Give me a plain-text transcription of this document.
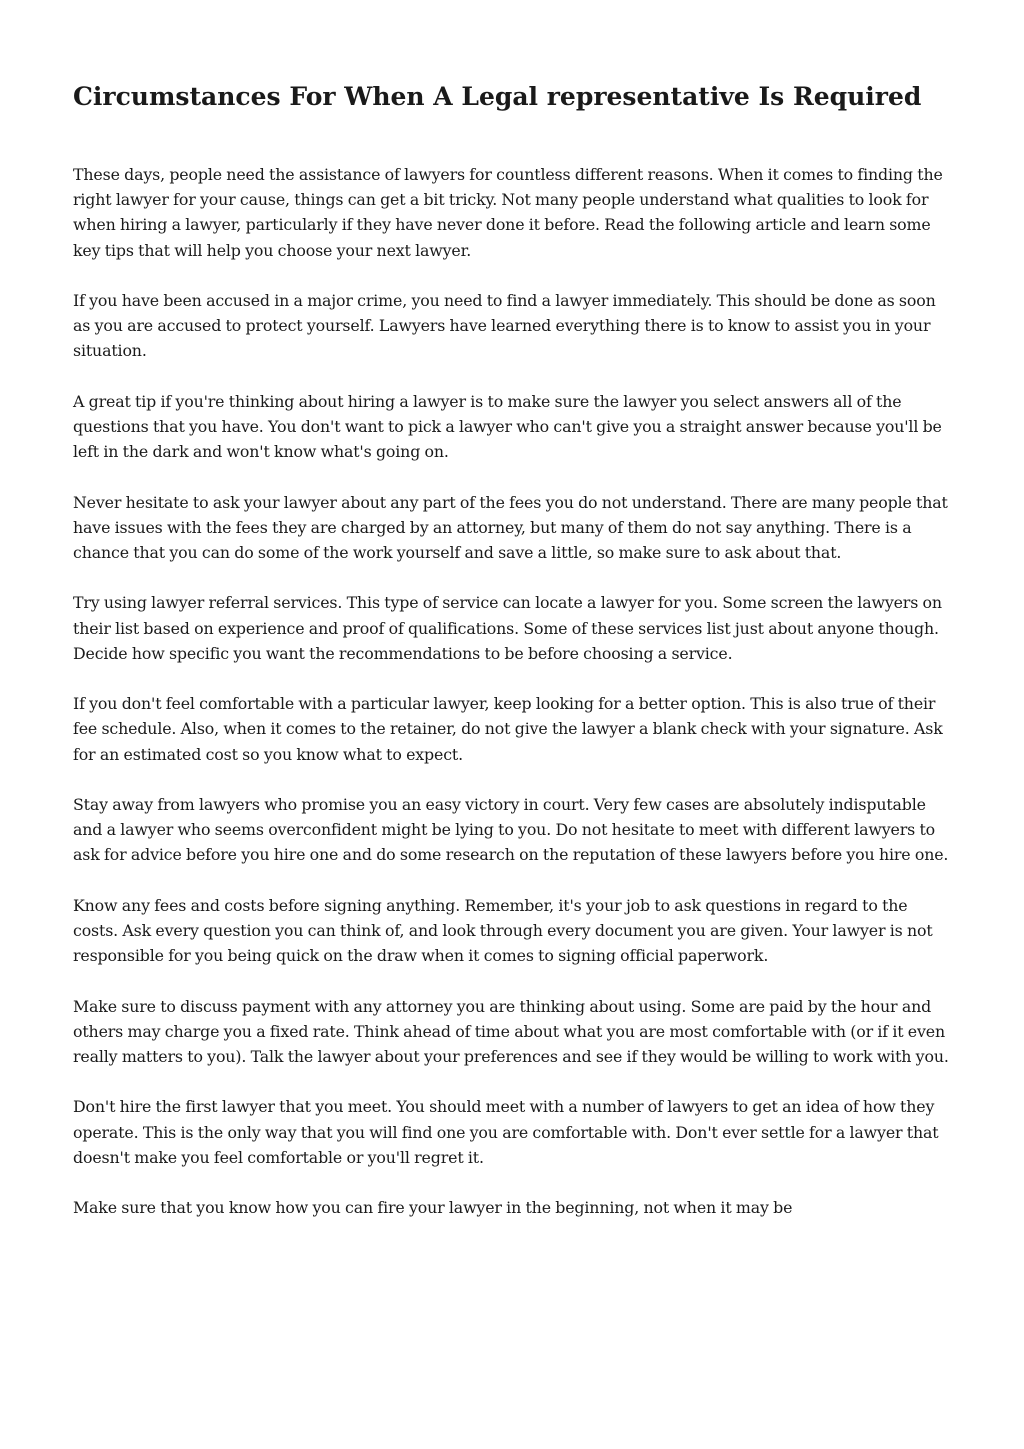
Circumstances For When A Legal representative Is Required

These days, people need the assistance of lawyers for countless different reasons. When it comes to finding the right lawyer for your cause, things can get a bit tricky. Not many people understand what qualities to look for when hiring a lawyer, particularly if they have never done it before. Read the following article and learn some key tips that will help you choose your next lawyer.

If you have been accused in a major crime, you need to find a lawyer immediately. This should be done as soon as you are accused to protect yourself. Lawyers have learned everything there is to know to assist you in your situation.

A great tip if you're thinking about hiring a lawyer is to make sure the lawyer you select answers all of the questions that you have. You don't want to pick a lawyer who can't give you a straight answer because you'll be left in the dark and won't know what's going on.

Never hesitate to ask your lawyer about any part of the fees you do not understand. There are many people that have issues with the fees they are charged by an attorney, but many of them do not say anything. There is a chance that you can do some of the work yourself and save a little, so make sure to ask about that.

Try using lawyer referral services. This type of service can locate a lawyer for you. Some screen the lawyers on their list based on experience and proof of qualifications. Some of these services list just about anyone though. Decide how specific you want the recommendations to be before choosing a service.

If you don't feel comfortable with a particular lawyer, keep looking for a better option. This is also true of their fee schedule. Also, when it comes to the retainer, do not give the lawyer a blank check with your signature. Ask for an estimated cost so you know what to expect.

Stay away from lawyers who promise you an easy victory in court. Very few cases are absolutely indisputable and a lawyer who seems overconfident might be lying to you. Do not hesitate to meet with different lawyers to ask for advice before you hire one and do some research on the reputation of these lawyers before you hire one.

Know any fees and costs before signing anything. Remember, it's your job to ask questions in regard to the costs. Ask every question you can think of, and look through every document you are given. Your lawyer is not responsible for you being quick on the draw when it comes to signing official paperwork.

Make sure to discuss payment with any attorney you are thinking about using. Some are paid by the hour and others may charge you a fixed rate. Think ahead of time about what you are most comfortable with (or if it even really matters to you). Talk the lawyer about your preferences and see if they would be willing to work with you.

Don't hire the first lawyer that you meet. You should meet with a number of lawyers to get an idea of how they operate. This is the only way that you will find one you are comfortable with. Don't ever settle for a lawyer that doesn't make you feel comfortable or you'll regret it.

Make sure that you know how you can fire your lawyer in the beginning, not when it may be
